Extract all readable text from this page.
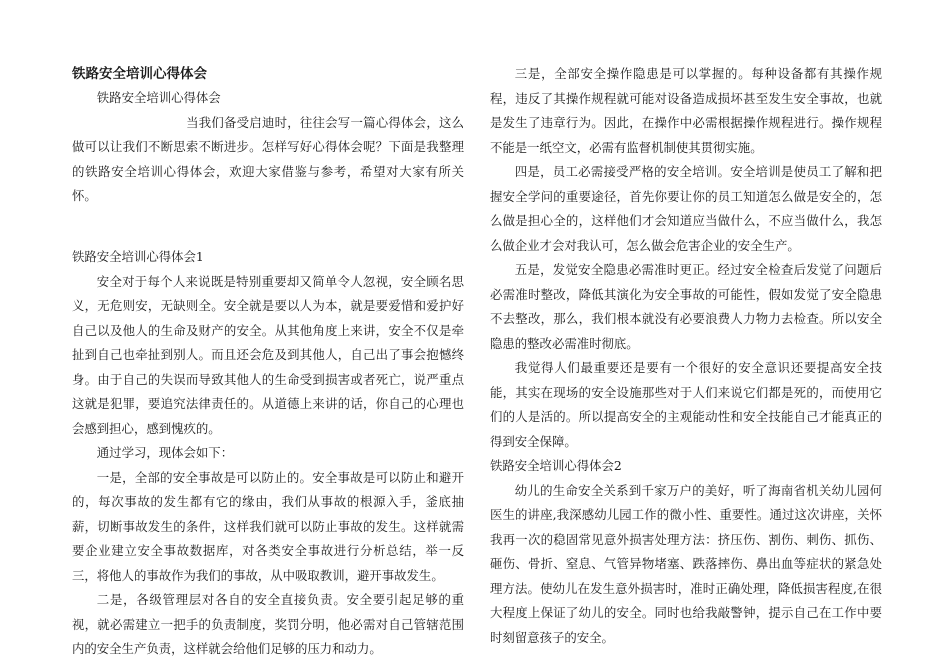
铁路安全培训心得体会

铁路安全培训心得体会

当我们备受启迪时，往往会写一篇心得体会，这么做可以让我们不断思索不断进步。怎样写好心得体会呢？下面是我整理的铁路安全培训心得体会，欢迎大家借鉴与参考，希望对大家有所关怀。

铁路安全培训心得体会1

安全对于每个人来说既是特别重要却又简单令人忽视，安全顾名思义，无危则安，无缺则全。安全就是要以人为本，就是要爱惜和爱护好自己以及他人的生命及财产的安全。从其他角度上来讲，安全不仅是牵扯到自己也牵扯到别人。而且还会危及到其他人，自己出了事会抱憾终身。由于自己的失误而导致其他人的生命受到损害或者死亡，说严重点这就是犯罪，要追究法律责任的。从道德上来讲的话，你自己的心理也会感到担心，感到愧疚的。

通过学习，现体会如下：

一是，全部的安全事故是可以防止的。安全事故是可以防止和避开的，每次事故的发生都有它的缘由，我们从事故的根源入手，釜底抽薪，切断事故发生的条件，这样我们就可以防止事故的发生。这样就需要企业建立安全事故数据库，对各类安全事故进行分析总结，举一反三，将他人的事故作为我们的事故，从中吸取教训，避开事故发生。

二是，各级管理层对各自的安全直接负责。安全要引起足够的重视，就必需建立一把手的负责制度，奖罚分明，他必需对自己管辖范围内的安全生产负责，这样就会给他们足够的压力和动力。

三是，全部安全操作隐患是可以掌握的。每种设备都有其操作规程，违反了其操作规程就可能对设备造成损坏甚至发生安全事故，也就是发生了违章行为。因此，在操作中必需根据操作规程进行。操作规程不能是一纸空文，必需有监督机制使其贯彻实施。

四是，员工必需接受严格的安全培训。安全培训是使员工了解和把握安全学问的重要途径，首先你要让你的员工知道怎么做是安全的，怎么做是担心全的，这样他们才会知道应当做什么，不应当做什么，我怎么做企业才会对我认可，怎么做会危害企业的安全生产。

五是，发觉安全隐患必需准时更正。经过安全检查后发觉了问题后必需准时整改，降低其演化为安全事故的可能性，假如发觉了安全隐患不去整改，那么，我们根本就没有必要浪费人力物力去检查。所以安全隐患的整改必需准时彻底。

我觉得人们最重要还是要有一个很好的安全意识还要提高安全技能，其实在现场的安全设施那些对于人们来说它们都是死的，而使用它们的人是活的。所以提高安全的主观能动性和安全技能自己才能真正的得到安全保障。

铁路安全培训心得体会2

幼儿的生命安全关系到千家万户的美好，听了海南省机关幼儿园何医生的讲座,我深感幼儿园工作的微小性、重要性。通过这次讲座，关怀我再一次的稳固常见意外损害处理方法：挤压伤、割伤、刺伤、抓伤、砸伤、骨折、窒息、气管异物堵塞、跌落摔伤、鼻出血等症状的紧急处理方法。使幼儿在发生意外损害时，准时正确处理，降低损害程度,在很大程度上保证了幼儿的安全。同时也给我敲警钟，提示自己在工作中要时刻留意孩子的安全。
